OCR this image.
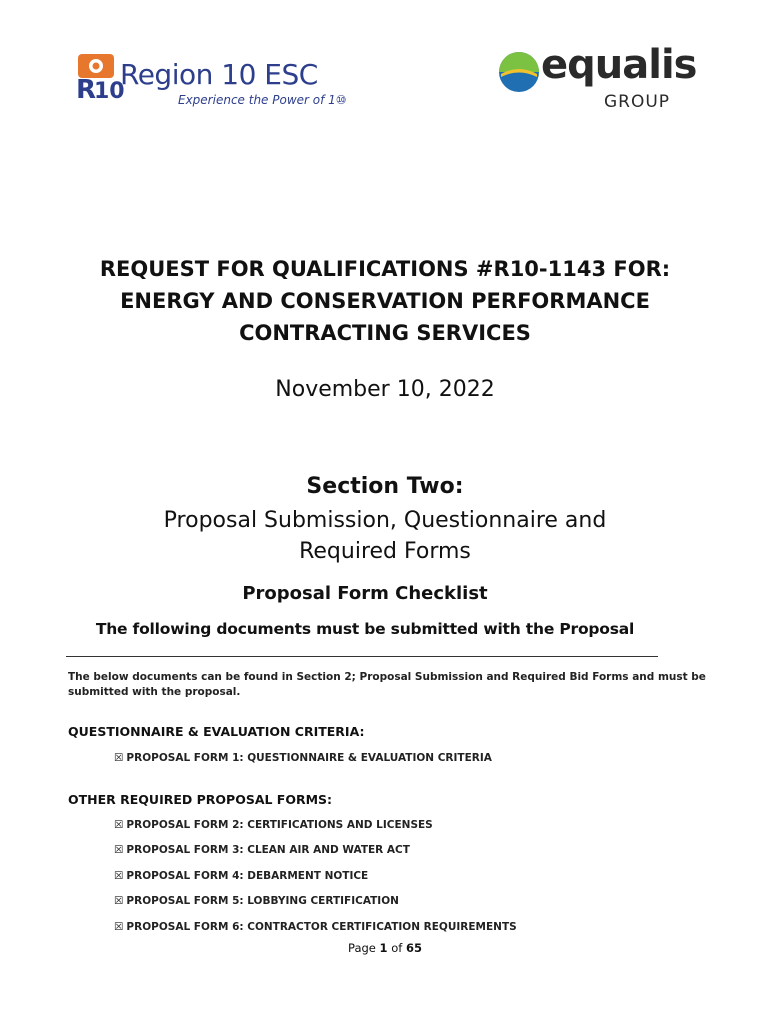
R
10
Region 10 ESC
Experience the Power of 1⑩
equalis
GROUP
REQUEST FOR QUALIFICATIONS #R10-1143 FOR:
ENERGY AND CONSERVATION PERFORMANCE
CONTRACTING SERVICES
November 10, 2022
Section Two:
Proposal Submission, Questionnaire and
Required Forms
Proposal Form Checklist
The following documents must be submitted with the Proposal
The below documents can be found in Section 2; Proposal Submission and Required Bid Forms and must be submitted with the proposal.
QUESTIONNAIRE & EVALUATION CRITERIA:
☒ PROPOSAL FORM 1: QUESTIONNAIRE & EVALUATION CRITERIA
OTHER REQUIRED PROPOSAL FORMS:
☒ PROPOSAL FORM 2: CERTIFICATIONS AND LICENSES
☒ PROPOSAL FORM 3: CLEAN AIR AND WATER ACT
☒ PROPOSAL FORM 4: DEBARMENT NOTICE
☒ PROPOSAL FORM 5: LOBBYING CERTIFICATION
☒ PROPOSAL FORM 6: CONTRACTOR CERTIFICATION REQUIREMENTS
Page 1 of 65
